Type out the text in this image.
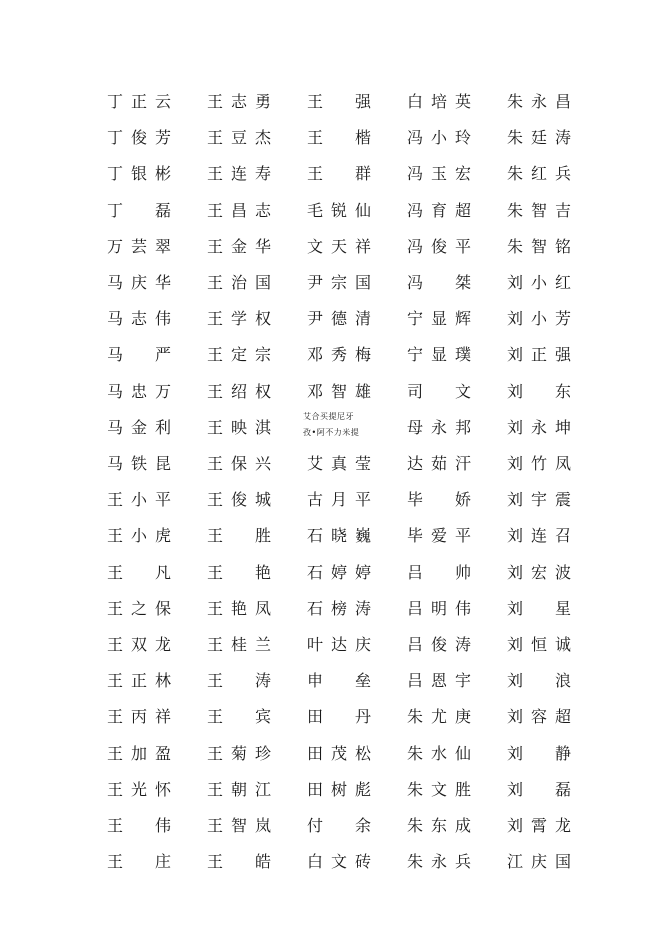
丁 正 云 王 志 勇 王 强 白 培 英 朱 永 昌
丁 俊 芳 王 豆 杰 王 楷 冯 小 玲 朱 廷 涛
丁 银 彬 王 连 寿 王 群 冯 玉 宏 朱 红 兵
丁 磊 王 昌 志 毛 锐 仙 冯 育 超 朱 智 吉
万 芸 翠 王 金 华 文 天 祥 冯 俊 平 朱 智 铭
马 庆 华 王 治 国 尹 宗 国 冯 桀 刘 小 红
马 志 伟 王 学 权 尹 德 清 宁 显 辉 刘 小 芳
马 严 王 定 宗 邓 秀 梅 宁 显 璞 刘 正 强
马 忠 万 王 绍 权 邓 智 雄 司 文 刘 东
马 金 利 王 映 淇
艾合买提尼牙
孜•阿不力米提	母 永 邦 刘 永 坤
马 铁 昆 王 保 兴 艾 真 莹 达 茹 汗 刘 竹 凤
王 小 平 王 俊 城 古 月 平 毕 娇 刘 宇 震
王 小 虎 王 胜 石 晓 巍 毕 爱 平 刘 连 召
王 凡 王 艳 石 婷 婷 吕 帅 刘 宏 波
王 之 保 王 艳 凤 石 榜 涛 吕 明 伟 刘 星
王 双 龙 王 桂 兰 叶 达 庆 吕 俊 涛 刘 恒 诚
王 正 林 王 涛 申 垒 吕 恩 宇 刘 浪
王 丙 祥 王 宾 田 丹 朱 尤 庚 刘 容 超
王 加 盈 王 菊 珍 田 茂 松 朱 水 仙 刘 静
王 光 怀 王 朝 江 田 树 彪 朱 文 胜 刘 磊
王 伟 王 智 岚 付 余 朱 东 成 刘 霄 龙
王 庄 王 皓 白 文 砖 朱 永 兵 江 庆 国
